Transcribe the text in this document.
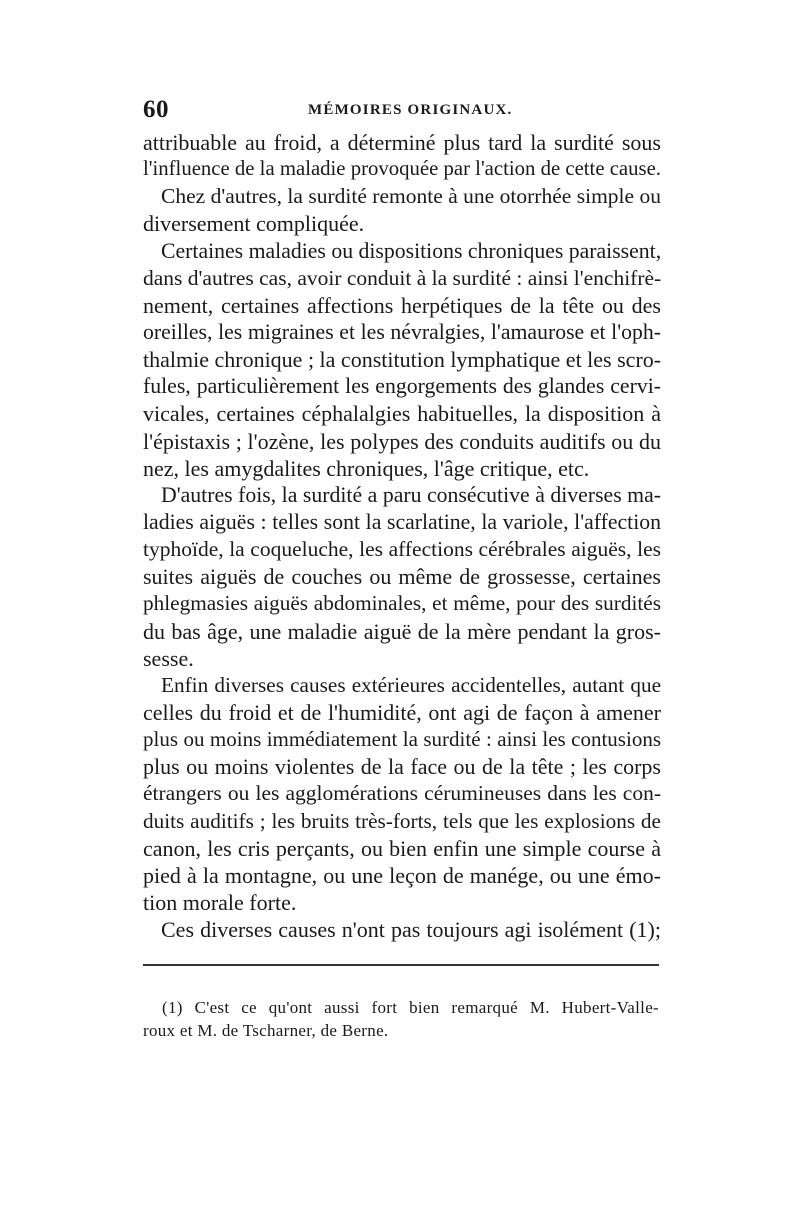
60	MÉMOIRES ORIGINAUX.
attribuable au froid, a déterminé plus tard la surdité sous
l'influence de la maladie provoquée par l'action de cette cause.
Chez d'autres, la surdité remonte à une otorrhée simple ou
diversement compliquée.
Certaines maladies ou dispositions chroniques paraissent,
dans d'autres cas, avoir conduit à la surdité : ainsi l'enchifrè-
nement, certaines affections herpétiques de la tête ou des
oreilles, les migraines et les névralgies, l'amaurose et l'oph-
thalmie chronique ; la constitution lymphatique et les scro-
fules, particulièrement les engorgements des glandes cervi-
vicales, certaines céphalalgies habituelles, la disposition à
l'épistaxis ; l'ozène, les polypes des conduits auditifs ou du
nez, les amygdalites chroniques, l'âge critique, etc.
D'autres fois, la surdité a paru consécutive à diverses ma-
ladies aiguës : telles sont la scarlatine, la variole, l'affection
typhoïde, la coqueluche, les affections cérébrales aiguës, les
suites aiguës de couches ou même de grossesse, certaines
phlegmasies aiguës abdominales, et même, pour des surdités
du bas âge, une maladie aiguë de la mère pendant la gros-
sesse.
Enfin diverses causes extérieures accidentelles, autant que
celles du froid et de l'humidité, ont agi de façon à amener
plus ou moins immédiatement la surdité : ainsi les contusions
plus ou moins violentes de la face ou de la tête ; les corps
étrangers ou les agglomérations cérumineuses dans les con-
duits auditifs ; les bruits très-forts, tels que les explosions de
canon, les cris perçants, ou bien enfin une simple course à
pied à la montagne, ou une leçon de manége, ou une émo-
tion morale forte.
Ces diverses causes n'ont pas toujours agi isolément (1);
(1) C'est ce qu'ont aussi fort bien remarqué M. Hubert-Valle-
roux et M. de Tscharner, de Berne.
